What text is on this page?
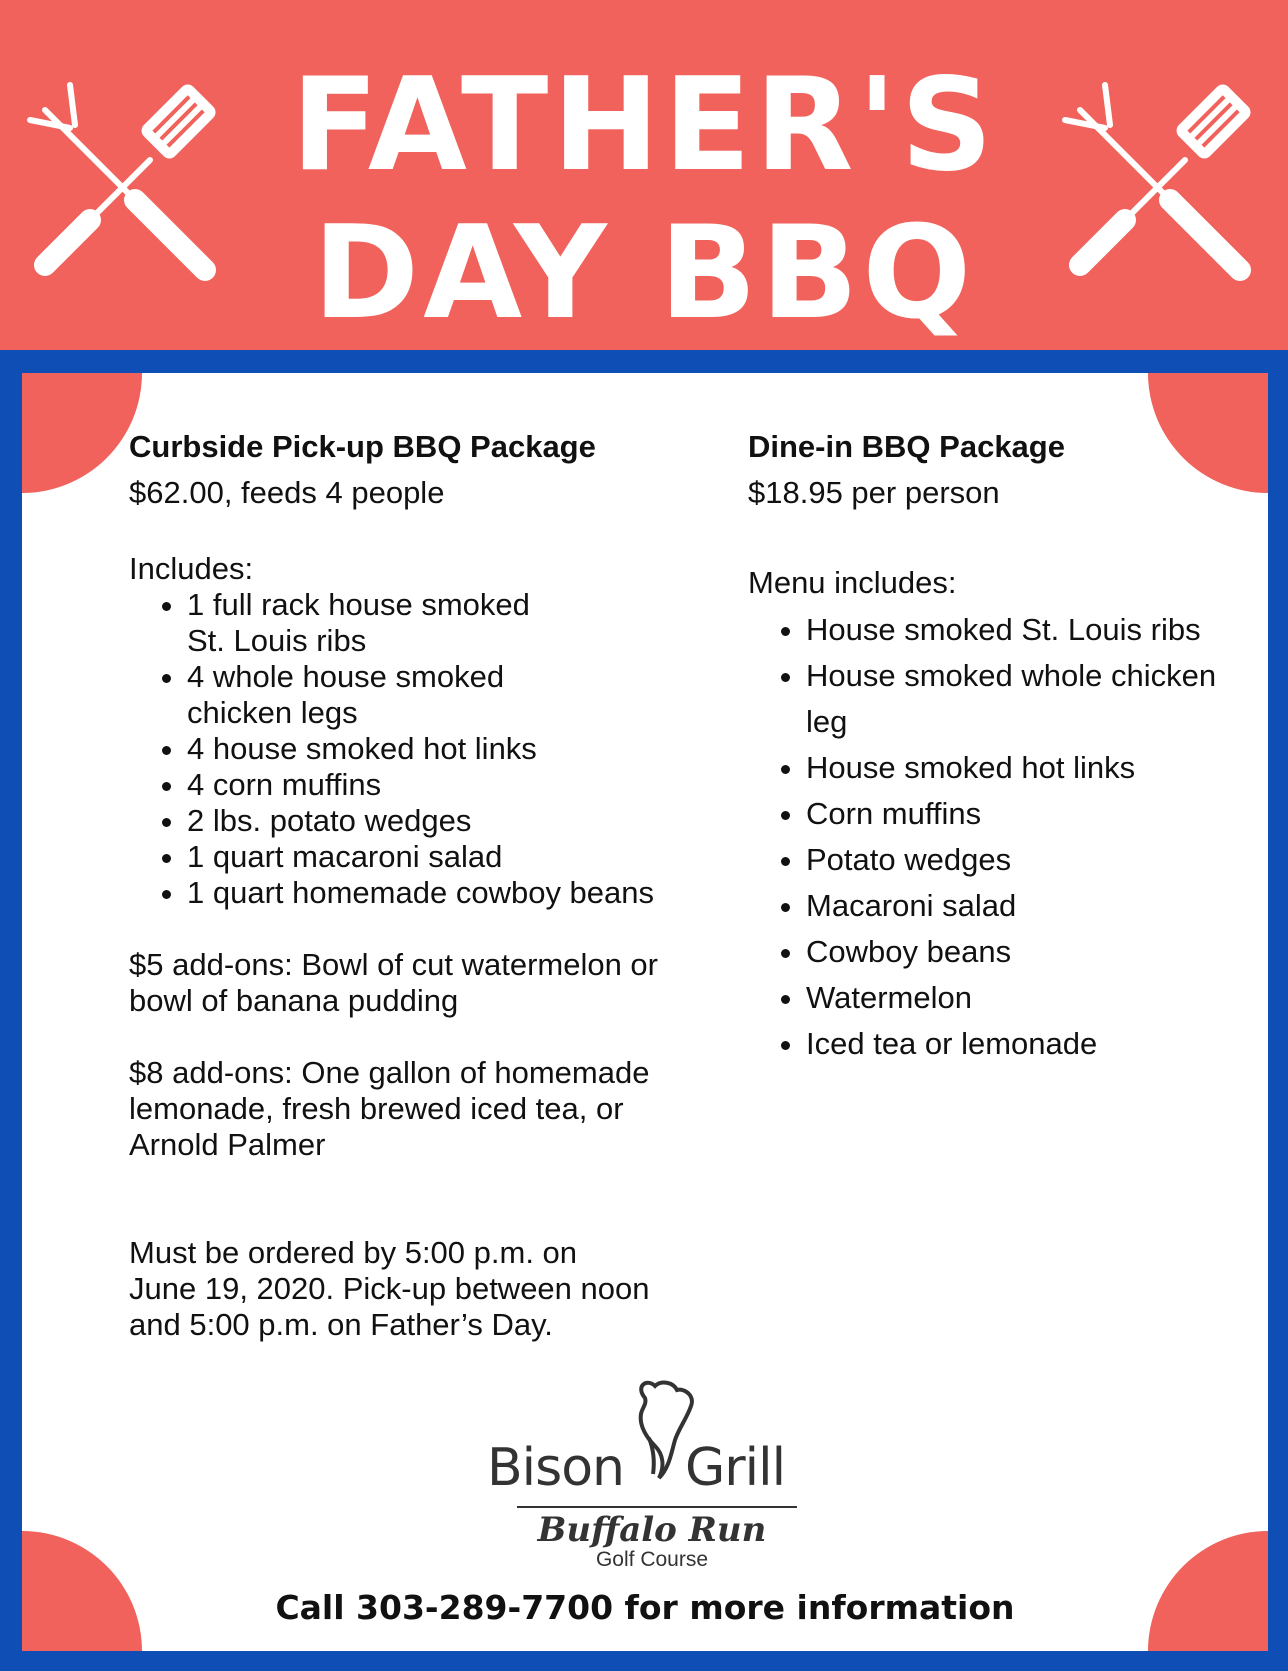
FATHER'S
DAY BBQ
Curbside Pick-up BBQ Package
$62.00, feeds 4 people
Includes:
• 1 full rack house smoked
St. Louis ribs
• 4 whole house smoked
chicken legs
• 4 house smoked hot links
• 4 corn muffins
• 2 lbs. potato wedges
• 1 quart macaroni salad
• 1 quart homemade cowboy beans
$5 add-ons: Bowl of cut watermelon or
bowl of banana pudding
$8 add-ons: One gallon of homemade
lemonade, fresh brewed iced tea, or
Arnold Palmer
Must be ordered by 5:00 p.m. on
June 19, 2020. Pick-up between noon
and 5:00 p.m. on Father’s Day.
Dine-in BBQ Package
$18.95 per person
Menu includes:
• House smoked St. Louis ribs
• House smoked whole chicken
leg
• House smoked hot links
• Corn muffins
• Potato wedges
• Macaroni salad
• Cowboy beans
• Watermelon
• Iced tea or lemonade
Bison Grill
Buffalo Run
Golf Course
Call 303-289-7700 for more information
